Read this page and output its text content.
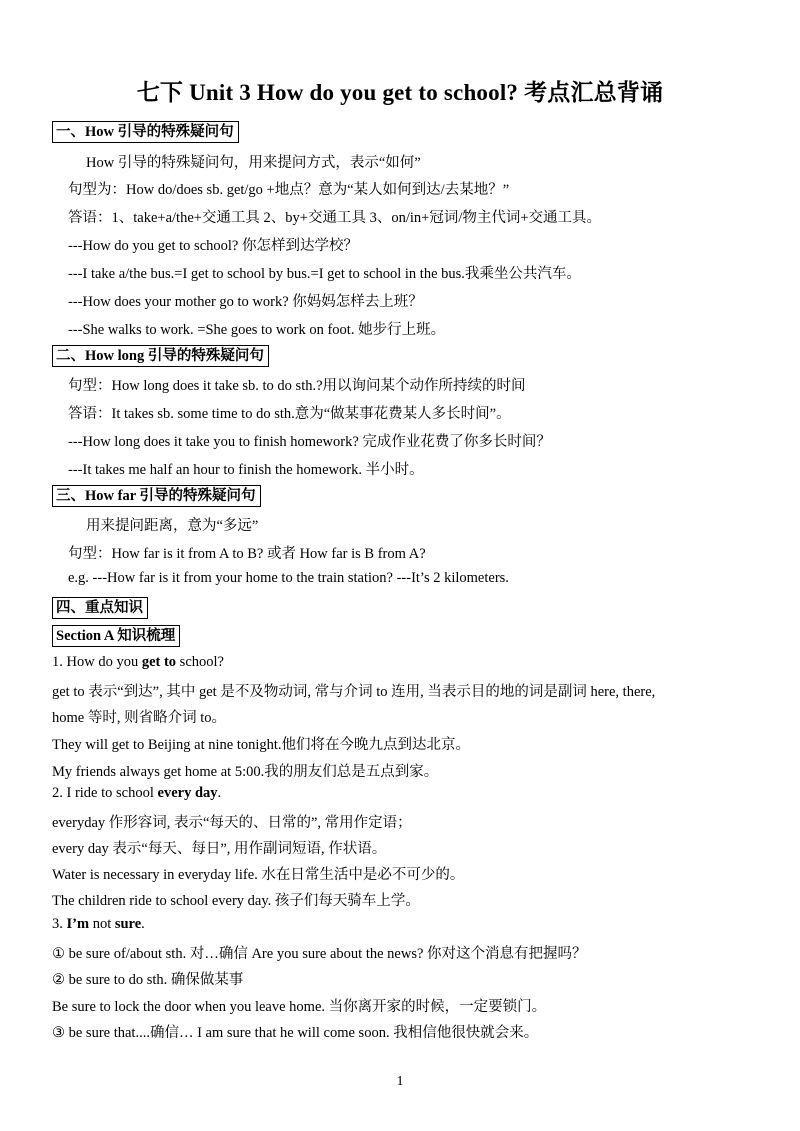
七下 Unit 3 How do you get to school? 考点汇总背诵
一、How 引导的特殊疑问句
How 引导的特殊疑问句，用来提问方式，表示“如何”
句型为：How do/does sb. get/go +地点？意为“某人如何到达/去某地？”
答语：1、take+a/the+交通工具 2、by+交通工具 3、on/in+冠词/物主代词+交通工具。
---How do you get to school? 你怎样到达学校？
---I take a/the bus.=I get to school by bus.=I get to school in the bus.我乘坐公共汽车。
---How does your mother go to work? 你妈妈怎样去上班？
---She walks to work. =She goes to work on foot. 她步行上班。
二、How long 引导的特殊疑问句
句型：How long does it take sb. to do sth.?用以询问某个动作所持续的时间
答语：It takes sb. some time to do sth.意为“做某事花费某人多长时间”。
---How long does it take you to finish homework? 完成作业花费了你多长时间？
---It takes me half an hour to finish the homework. 半小时。
三、How far 引导的特殊疑问句
用来提问距离，意为“多远”
句型：How far is it from A to B? 或者 How far is B from A?
e.g. ---How far is it from your home to the train station? ---It’s 2 kilometers.
四、重点知识
Section A 知识梳理
1. How do you get to school?
get to 表示“到达”, 其中 get 是不及物动词, 常与介词 to 连用, 当表示目的地的词是副词 here, there,
home 等时, 则省略介词 to。
They will get to Beijing at nine tonight.他们将在今晚九点到达北京。
My friends always get home at 5:00.我的朋友们总是五点到家。
2. I ride to school every day.
everyday 作形容词, 表示“每天的、日常的”, 常用作定语；
every day 表示“每天、每日”, 用作副词短语, 作状语。
Water is necessary in everyday life. 水在日常生活中是必不可少的。
The children ride to school every day. 孩子们每天骑车上学。
3. I’m not sure.
① be sure of/about sth. 对…确信 Are you sure about the news? 你对这个消息有把握吗？
② be sure to do sth. 确保做某事
Be sure to lock the door when you leave home. 当你离开家的时候，一定要锁门。
③ be sure that....确信… I am sure that he will come soon. 我相信他很快就会来。
1
